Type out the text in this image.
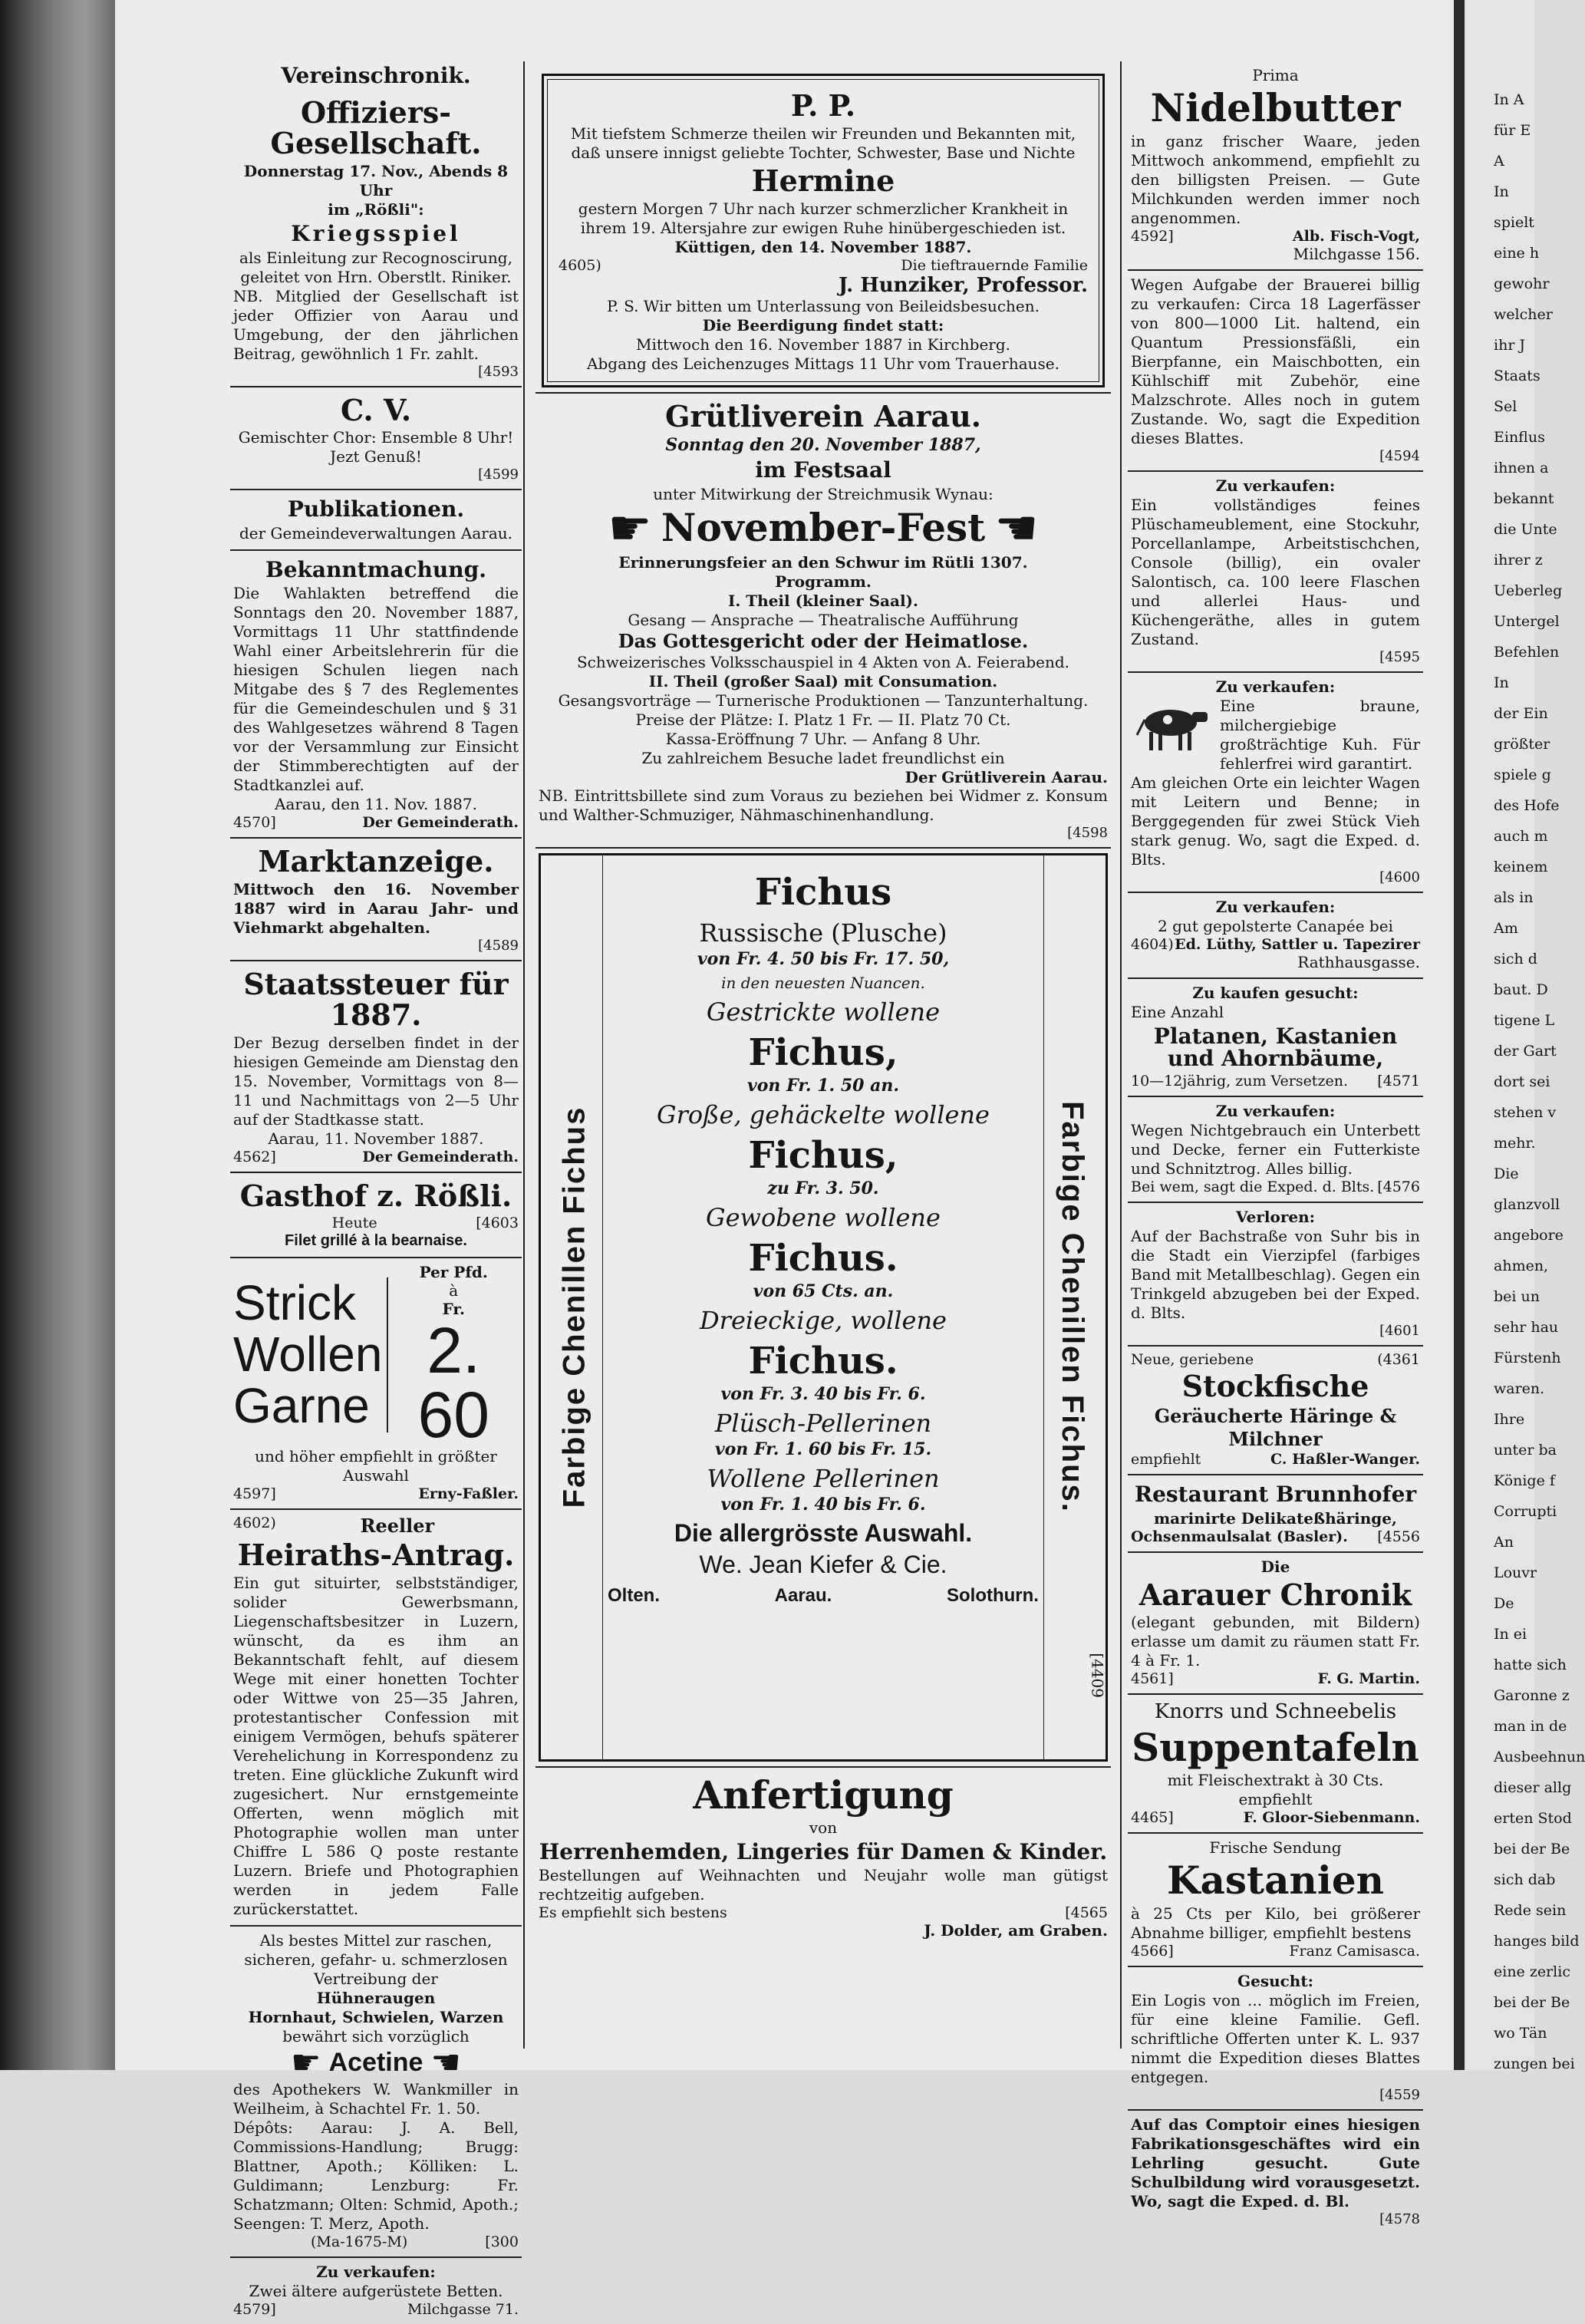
Vereinschronik.
Offiziers-Gesellschaft.
Donnerstag 17. Nov., Abends 8 Uhr
im „Rößli":
Kriegsspiel
als Einleitung zur Recognoscirung, geleitet von Hrn. Oberstlt. Riniker.
NB. Mitglied der Gesellschaft ist jeder Offizier von Aarau und Umgebung, der den jährlichen Beitrag, gewöhnlich 1 Fr. zahlt.
[4593
C. V.
Gemischter Chor: Ensemble 8 Uhr! Jezt Genuß!
[4599
Publikationen.
der Gemeindeverwaltungen Aarau.
Bekanntmachung.
Die Wahlakten betreffend die Sonntags den 20. November 1887, Vormittags 11 Uhr stattfindende Wahl einer Arbeitslehrerin für die hiesigen Schulen liegen nach Mitgabe des § 7 des Reglementes für die Gemeindeschulen und § 31 des Wahlgesetzes während 8 Tagen vor der Versammlung zur Einsicht der Stimmberechtigten auf der Stadtkanzlei auf.
Aarau, den 11. Nov. 1887.
4570]	Der Gemeinderath.
Marktanzeige.
Mittwoch den 16. November 1887 wird in Aarau Jahr- und Viehmarkt abgehalten.
[4589
Staatssteuer für 1887.
Der Bezug derselben findet in der hiesigen Gemeinde am Dienstag den 15. November, Vormittags von 8—11 und Nachmittags von 2—5 Uhr auf der Stadtkasse statt.
Aarau, 11. November 1887.
4562]	Der Gemeinderath.
Gasthof z. Rößli.
Heute	[4603
Filet grillé à la bearnaise.
Strick
Wollen
Garne
Per Pfd.
à
Fr.
2. 60
und höher empfiehlt in größter Auswahl
4597]	Erny-Faßler.
4602)	Reeller
Heiraths-Antrag.
Ein gut situirter, selbstständiger, solider Gewerbsmann, Liegenschaftsbesitzer in Luzern, wünscht, da es ihm an Bekanntschaft fehlt, auf diesem Wege mit einer honetten Tochter oder Wittwe von 25—35 Jahren, protestantischer Confession mit einigem Vermögen, behufs späterer Verehelichung in Korrespondenz zu treten. Eine glückliche Zukunft wird zugesichert. Nur ernstgemeinte Offerten, wenn möglich mit Photographie wollen man unter Chiffre L 586 Q poste restante Luzern. Briefe und Photographien werden in jedem Falle zurückerstattet.
Als bestes Mittel zur raschen, sicheren, gefahr- u. schmerzlosen Vertreibung der
Hühneraugen
Hornhaut, Schwielen, Warzen
bewährt sich vorzüglich
☛ Acetine ☚
des Apothekers W. Wankmiller in Weilheim, à Schachtel Fr. 1. 50.
Dépôts: Aarau: J. A. Bell, Commissions-Handlung; Brugg: Blattner, Apoth.; Kölliken: L. Guldimann; Lenzburg: Fr. Schatzmann; Olten: Schmid, Apoth.; Seengen: T. Merz, Apoth.
(Ma-1675-M)	[300
Zu verkaufen:
Zwei ältere aufgerüstete Betten.
4579]	Milchgasse 71.
P. P.
Mit tiefstem Schmerze theilen wir Freunden und Bekannten mit, daß unsere innigst geliebte Tochter, Schwester, Base und Nichte
Hermine
gestern Morgen 7 Uhr nach kurzer schmerzlicher Krankheit in ihrem 19. Altersjahre zur ewigen Ruhe hinübergeschieden ist.
Küttigen, den 14. November 1887.
4605)	Die tieftrauernde Familie
J. Hunziker, Professor.
P. S. Wir bitten um Unterlassung von Beileidsbesuchen.
Die Beerdigung findet statt:
Mittwoch den 16. November 1887 in Kirchberg.
Abgang des Leichenzuges Mittags 11 Uhr vom Trauerhause.
Grütliverein Aarau.
Sonntag den 20. November 1887,
im Festsaal
unter Mitwirkung der Streichmusik Wynau:
☛ November-Fest ☚
Erinnerungsfeier an den Schwur im Rütli 1307.
Programm.
I. Theil (kleiner Saal).
Gesang — Ansprache — Theatralische Aufführung
Das Gottesgericht oder der Heimatlose.
Schweizerisches Volksschauspiel in 4 Akten von A. Feierabend.
II. Theil (großer Saal) mit Consumation.
Gesangsvorträge — Turnerische Produktionen — Tanzunterhaltung.
Preise der Plätze: I. Platz 1 Fr. — II. Platz 70 Ct.
Kassa-Eröffnung 7 Uhr. — Anfang 8 Uhr.
Zu zahlreichem Besuche ladet freundlichst ein
Der Grütliverein Aarau.
NB. Eintrittsbillete sind zum Voraus zu beziehen bei Widmer z. Konsum und Walther-Schmuziger, Nähmaschinenhandlung.
[4598
Farbige Chenillen Fichus	Farbige Chenillen Fichus.
Fichus
Russische (Plusche)
von Fr. 4. 50 bis Fr. 17. 50,
in den neuesten Nuancen.
Gestrickte wollene
Fichus,
von Fr. 1. 50 an.
Große, gehäckelte wollene
Fichus,
zu Fr. 3. 50.
Gewobene wollene
Fichus.
von 65 Cts. an.
Dreieckige, wollene
Fichus.
von Fr. 3. 40 bis Fr. 6.
Plüsch-Pellerinen
von Fr. 1. 60 bis Fr. 15.
Wollene Pellerinen
von Fr. 1. 40 bis Fr. 6.
Die allergrösste Auswahl.
We. Jean Kiefer & Cie.
Olten.	Aarau.	Solothurn.
[4409
Anfertigung
von
Herrenhemden, Lingeries für Damen & Kinder.
Bestellungen auf Weihnachten und Neujahr wolle man gütigst rechtzeitig aufgeben.
Es empfiehlt sich bestens	[4565
J. Dolder, am Graben.
Prima
Nidelbutter
in ganz frischer Waare, jeden Mittwoch ankommend, empfiehlt zu den billigsten Preisen. — Gute Milchkunden werden immer noch angenommen.
4592]	Alb. Fisch-Vogt,
Milchgasse 156.
Wegen Aufgabe der Brauerei billig zu verkaufen: Circa 18 Lagerfässer von 800—1000 Lit. haltend, ein Quantum Pressionsfäßli, ein Bierpfanne, ein Maischbotten, ein Kühlschiff mit Zubehör, eine Malzschrote. Alles noch in gutem Zustande. Wo, sagt die Expedition dieses Blattes.
[4594
Zu verkaufen:
Ein vollständiges feines Plüschameublement, eine Stockuhr, Porcellanlampe, Arbeitstischchen, Console (billig), ein ovaler Salontisch, ca. 100 leere Flaschen und allerlei Haus- und Küchengeräthe, alles in gutem Zustand.
[4595
Zu verkaufen:
Eine braune, milchergiebige großträchtige Kuh. Für fehlerfrei wird garantirt.
Am gleichen Orte ein leichter Wagen mit Leitern und Benne; in Berggegenden für zwei Stück Vieh stark genug. Wo, sagt die Exped. d. Blts.
[4600
Zu verkaufen:
2 gut gepolsterte Canapée bei
4604) Ed. Lüthy, Sattler u. Tapezirer
Rathhausgasse.
Zu kaufen gesucht:
Eine Anzahl
Platanen, Kastanien und Ahornbäume,
10—12jährig, zum Versetzen. [4571
Zu verkaufen:
Wegen Nichtgebrauch ein Unterbett und Decke, ferner ein Futterkiste und Schnitztrog. Alles billig.
Bei wem, sagt die Exped. d. Blts. [4576
Verloren:
Auf der Bachstraße von Suhr bis in die Stadt ein Vierzipfel (farbiges Band mit Metallbeschlag). Gegen ein Trinkgeld abzugeben bei der Exped. d. Blts.
[4601
Neue, geriebene	(4361
Stockfische
Geräucherte Häringe & Milchner
empfiehlt	C. Haßler-Wanger.
Restaurant Brunnhofer
marinirte Delikateßhäringe,
Ochsenmaulsalat (Basler). [4556
Die
Aarauer Chronik
(elegant gebunden, mit Bildern) erlasse um damit zu räumen statt Fr. 4 à Fr. 1.
4561]	F. G. Martin.
Knorrs und Schneebelis
Suppentafeln
mit Fleischextrakt à 30 Cts. empfiehlt
4465]	F. Gloor-Siebenmann.
Frische Sendung
Kastanien
à 25 Cts per Kilo, bei größerer Abnahme billiger, empfiehlt bestens
4566]	Franz Camisasca.
Gesucht:
Ein Logis von ... möglich im Freien, für eine kleine Familie. Gefl. schriftliche Offerten unter K. L. 937 nimmt die Expedition dieses Blattes entgegen.
[4559
Auf das Comptoir eines hiesigen Fabrikationsgeschäftes wird ein Lehrling gesucht. Gute Schulbildung wird vorausgesetzt. Wo, sagt die Exped. d. Bl.
[4578
In A
für E
A
In
spielt
eine h
gewohr
welcher
ihr J
Staats
Sel
Einflus
ihnen a
bekannt
die Unte
ihrer z
Ueberleg
Untergel
Befehlen
In
der Ein
größter
spiele g
des Hofe
auch m
keinem
als in
Am
sich d
baut. D
tigene L
der Gart
dort sei
stehen v
mehr.
Die
glanzvoll
angebore
ahmen,
bei un
sehr hau
Fürstenh
waren.
Ihre
unter ba
Könige f
Corrupti
An
Louvr
De
In ei
hatte sich
Garonne z
man in de
Ausbeehnun
dieser allg
erten Stod
bei der Be
sich dab
Rede sein
hanges bild
eine zerlic
bei der Be
wo Tän
zungen bei
